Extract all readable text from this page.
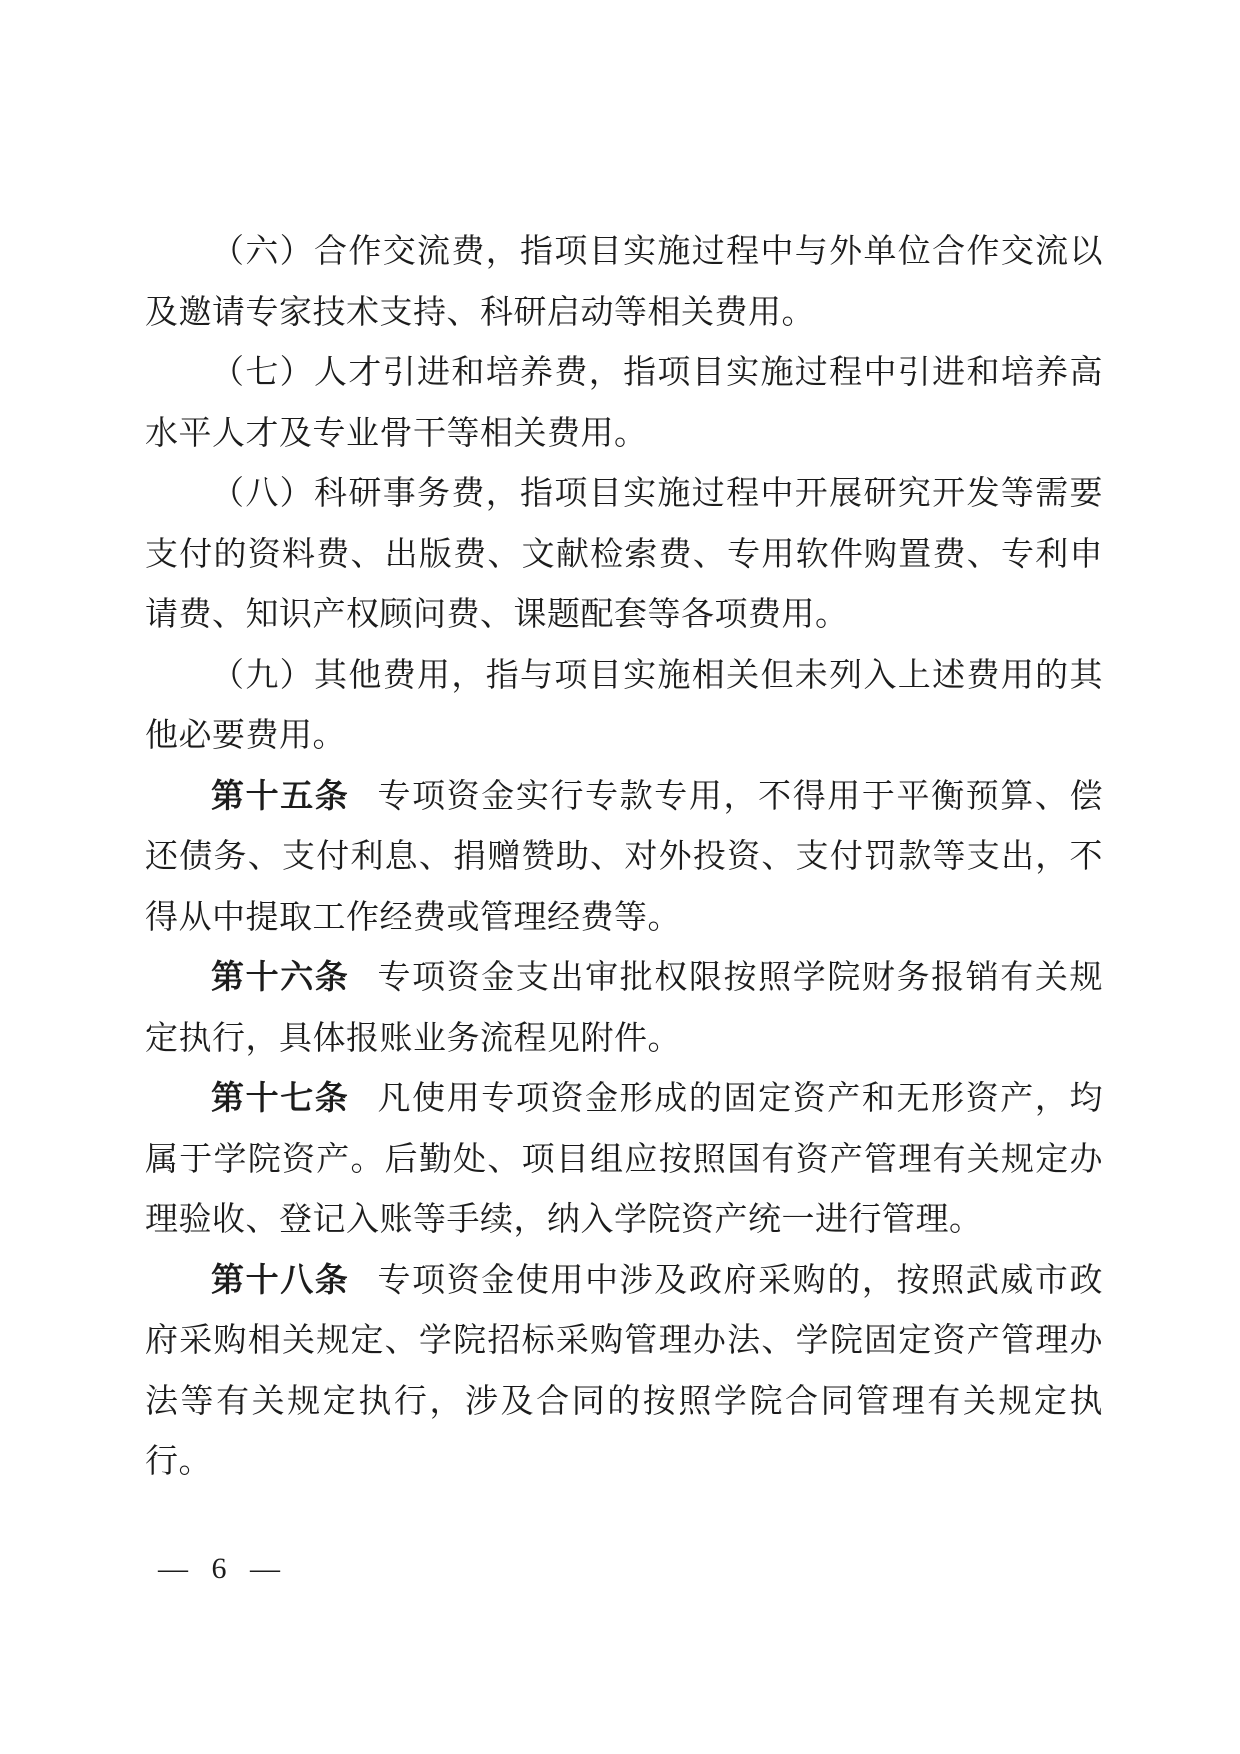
（六）合作交流费，指项目实施过程中与外单位合作交流以及邀请专家技术支持、科研启动等相关费用。

（七）人才引进和培养费，指项目实施过程中引进和培养高水平人才及专业骨干等相关费用。

（八）科研事务费，指项目实施过程中开展研究开发等需要支付的资料费、出版费、文献检索费、专用软件购置费、专利申请费、知识产权顾问费、课题配套等各项费用。

（九）其他费用，指与项目实施相关但未列入上述费用的其他必要费用。

第十五条 专项资金实行专款专用，不得用于平衡预算、偿还债务、支付利息、捐赠赞助、对外投资、支付罚款等支出，不得从中提取工作经费或管理经费等。

第十六条 专项资金支出审批权限按照学院财务报销有关规定执行，具体报账业务流程见附件。

第十七条 凡使用专项资金形成的固定资产和无形资产，均属于学院资产。后勤处、项目组应按照国有资产管理有关规定办理验收、登记入账等手续，纳入学院资产统一进行管理。

第十八条 专项资金使用中涉及政府采购的，按照武威市政府采购相关规定、学院招标采购管理办法、学院固定资产管理办法等有关规定执行，涉及合同的按照学院合同管理有关规定执行。

— 6 —
